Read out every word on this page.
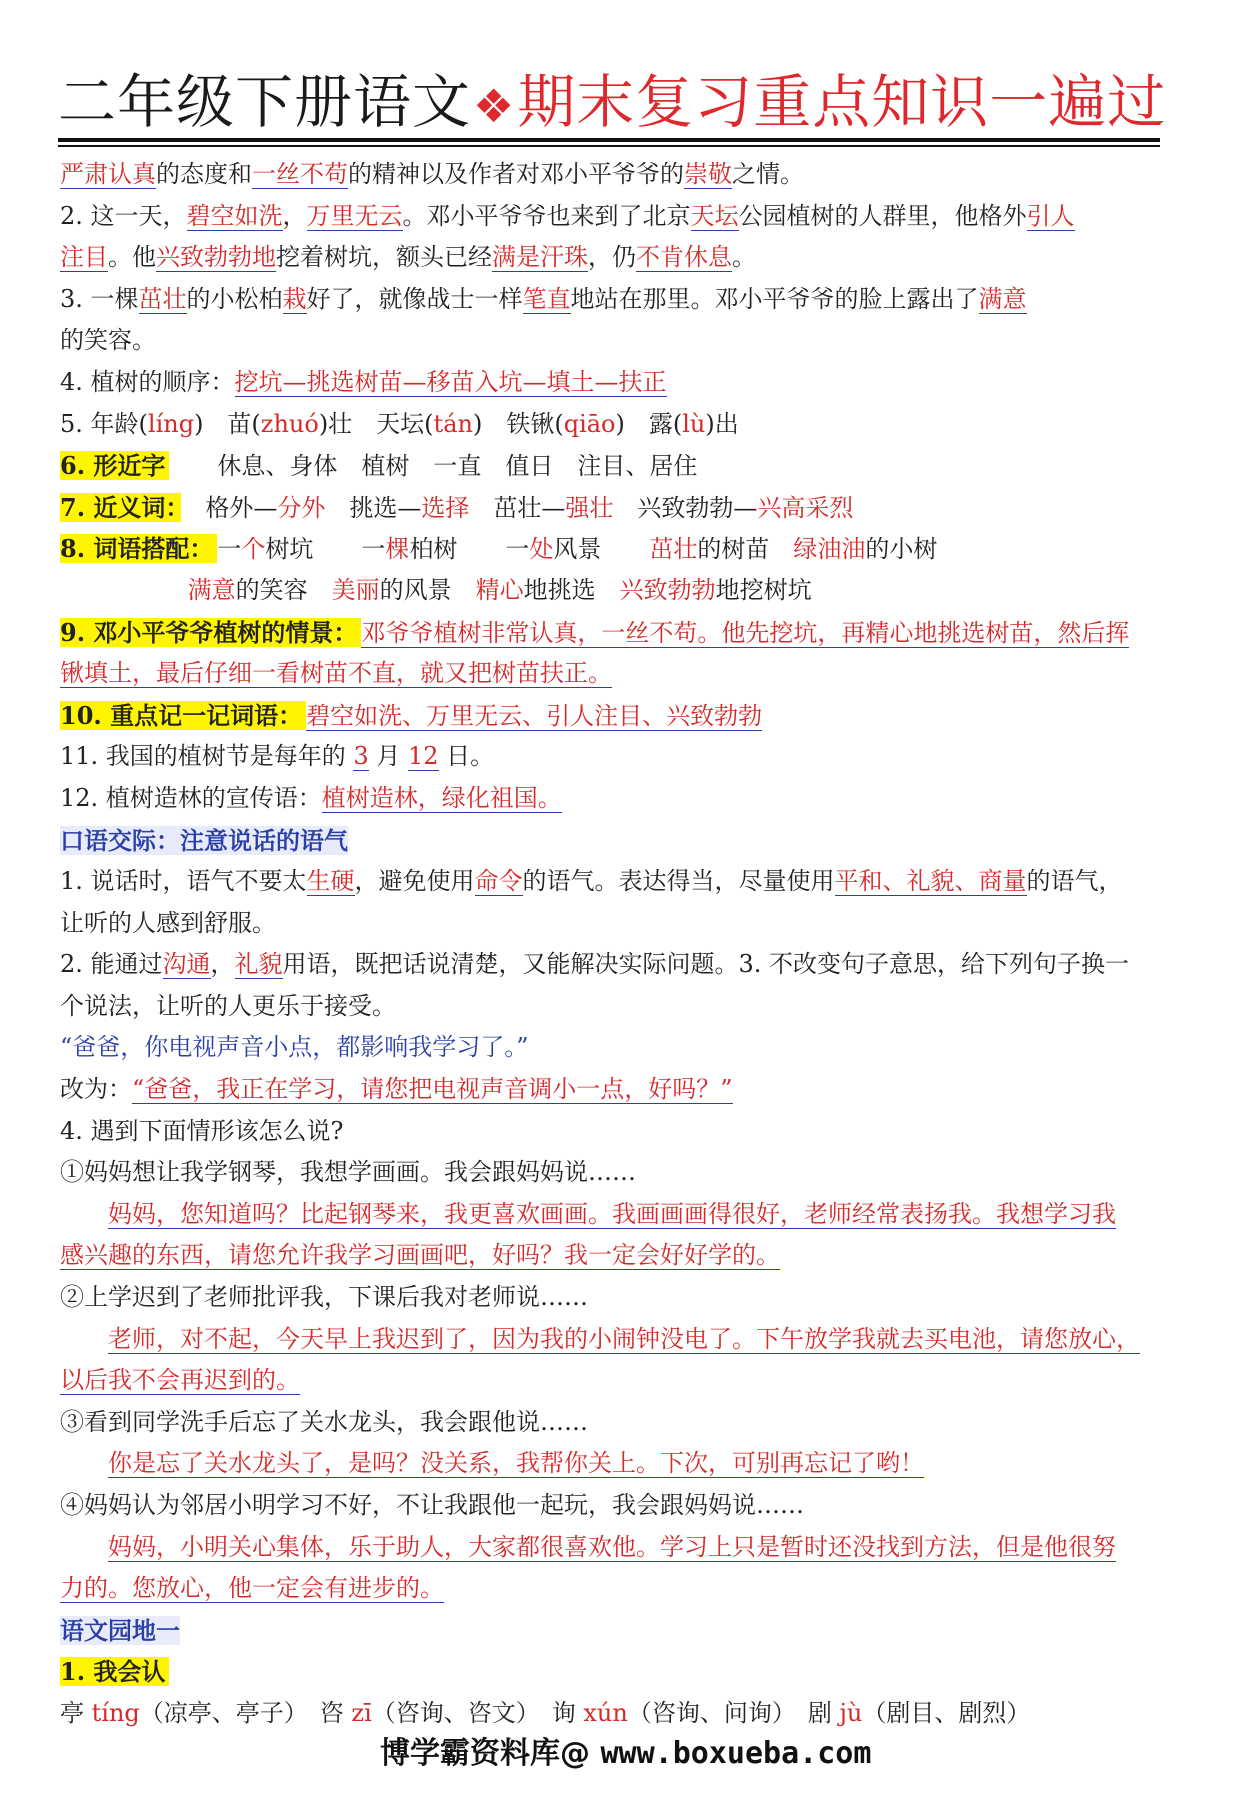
二年级下册语文❖期末复习重点知识一遍过
严肃认真的态度和一丝不苟的精神以及作者对邓小平爷爷的崇敬之情。
2. 这一天，碧空如洗，万里无云。邓小平爷爷也来到了北京天坛公园植树的人群里，他格外引人
注目。他兴致勃勃地挖着树坑，额头已经满是汗珠，仍不肯休息。
3. 一棵茁壮的小松柏栽好了，就像战士一样笔直地站在那里。邓小平爷爷的脸上露出了满意
的笑容。
4. 植树的顺序：挖坑—挑选树苗—移苗入坑—填土—扶正
5. 年龄(líng)　苗(zhuó)壮　天坛(tán)　铁锹(qiāo)　露(lù)出
6. 形近字　　休息、身体　植树　一直　值日　注目、居住
7. 近义词：　格外—分外　挑选—选择　茁壮—强壮　兴致勃勃—兴高采烈
8. 词语搭配： 一个树坑　　一棵柏树　　一处风景　　茁壮的树苗　绿油油的小树
　　　　　 满意的笑容　美丽的风景　精心地挑选　兴致勃勃地挖树坑
9. 邓小平爷爷植树的情景： 邓爷爷植树非常认真，一丝不苟。他先挖坑，再精心地挑选树苗，然后挥
锹填土，最后仔细一看树苗不直，就又把树苗扶正。
10. 重点记一记词语： 碧空如洗、万里无云、引人注目、兴致勃勃
11. 我国的植树节是每年的 3 月 12 日。
12. 植树造林的宣传语：植树造林，绿化祖国。
口语交际：注意说话的语气
1. 说话时，语气不要太生硬，避免使用命令的语气。表达得当，尽量使用平和、礼貌、商量的语气，
让听的人感到舒服。
2. 能通过沟通，礼貌用语，既把话说清楚，又能解决实际问题。3. 不改变句子意思，给下列句子换一
个说法，让听的人更乐于接受。
“爸爸，你电视声音小点，都影响我学习了。”
改为：“爸爸，我正在学习，请您把电视声音调小一点，好吗？”
4. 遇到下面情形该怎么说?
①妈妈想让我学钢琴，我想学画画。我会跟妈妈说……
妈妈，您知道吗？比起钢琴来，我更喜欢画画。我画画画得很好，老师经常表扬我。我想学习我
感兴趣的东西，请您允许我学习画画吧，好吗？我一定会好好学的。
②上学迟到了老师批评我，下课后我对老师说……
老师，对不起，今天早上我迟到了，因为我的小闹钟没电了。下午放学我就去买电池，请您放心，
以后我不会再迟到的。
③看到同学洗手后忘了关水龙头，我会跟他说……
你是忘了关水龙头了，是吗？没关系，我帮你关上。下次，可别再忘记了哟！
④妈妈认为邻居小明学习不好，不让我跟他一起玩，我会跟妈妈说……
妈妈，小明关心集体，乐于助人，大家都很喜欢他。学习上只是暂时还没找到方法，但是他很努
力的。您放心，他一定会有进步的。
语文园地一
1. 我会认
亭 tíng（凉亭、亭子）　咨 zī（咨询、咨文）　询 xún（咨询、问询）　剧 jù（剧目、剧烈）
博学霸资料库@ www.boxueba.com
